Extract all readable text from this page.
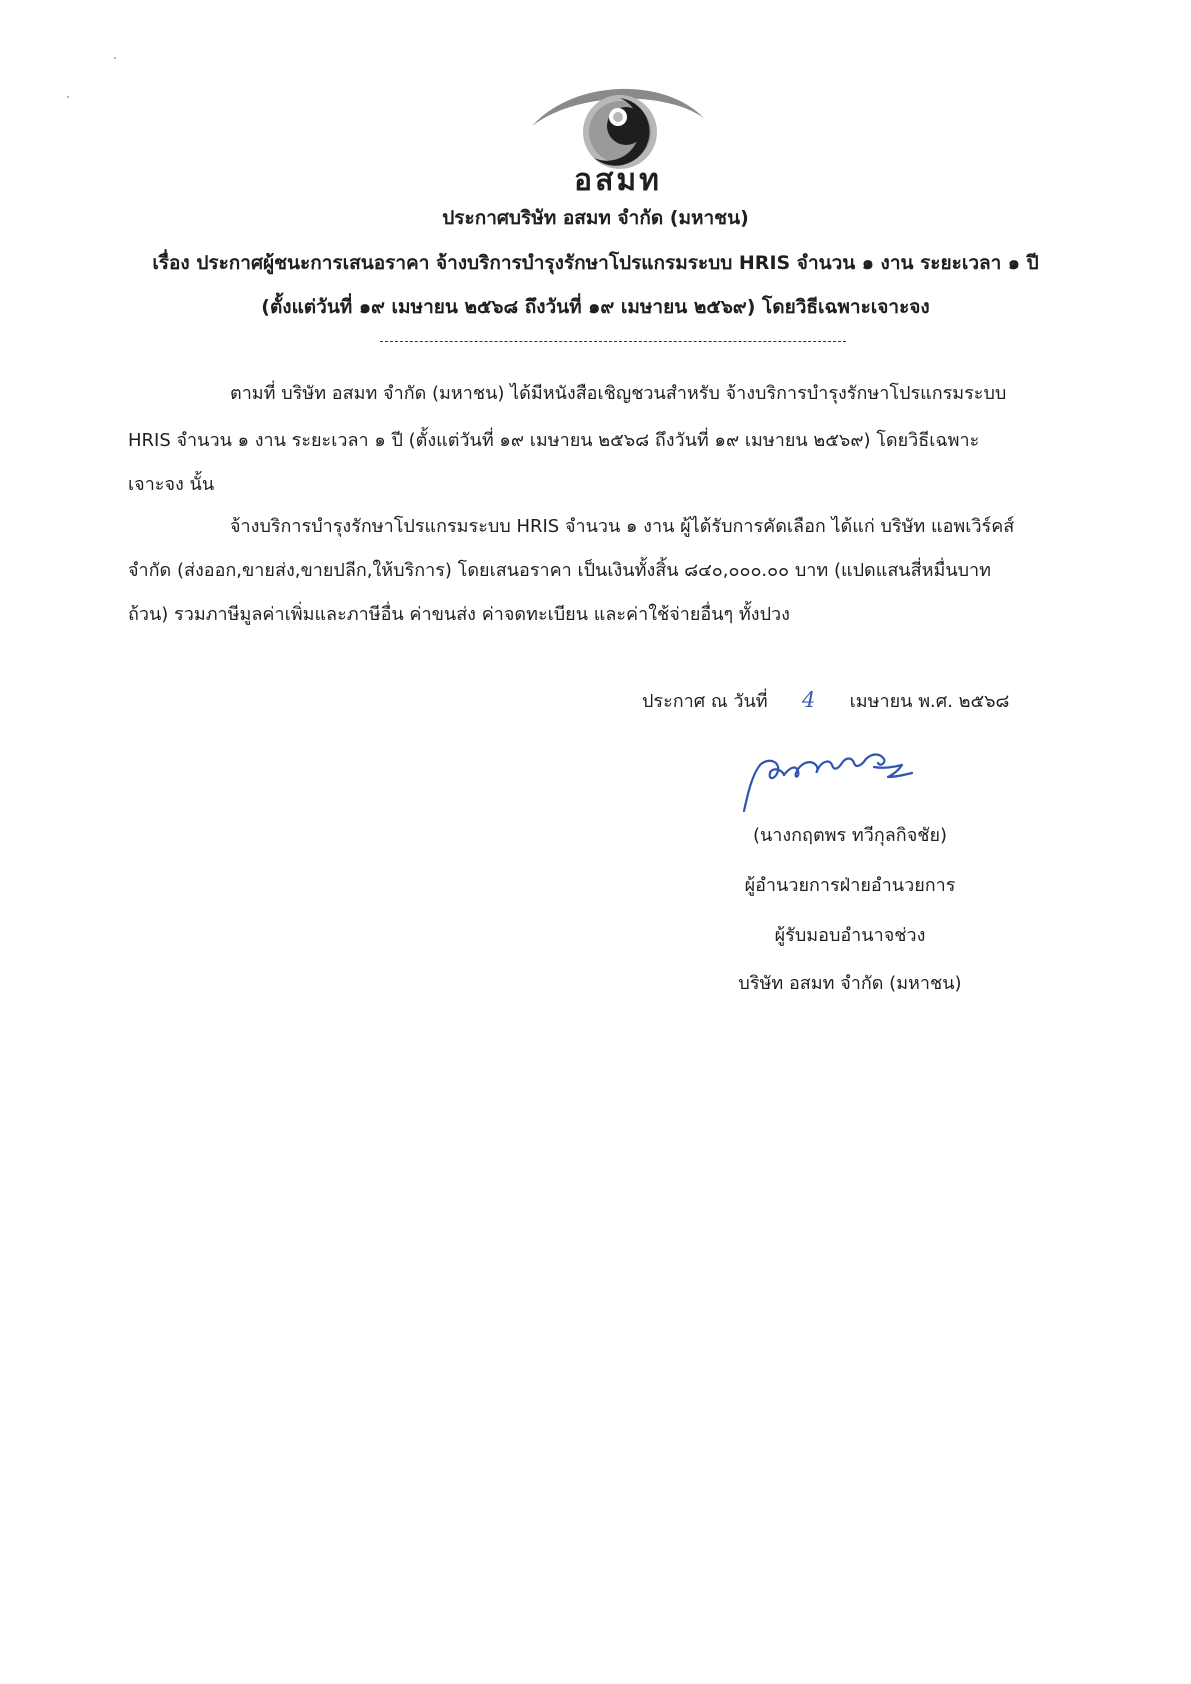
อสมท
ประกาศบริษัท อสมท จำกัด (มหาชน)
เรื่อง ประกาศผู้ชนะการเสนอราคา จ้างบริการบำรุงรักษาโปรแกรมระบบ HRIS จำนวน ๑ งาน ระยะเวลา ๑ ปี
(ตั้งแต่วันที่ ๑๙ เมษายน ๒๕๖๘ ถึงวันที่ ๑๙ เมษายน ๒๕๖๙) โดยวิธีเฉพาะเจาะจง
ตามที่ บริษัท อสมท จำกัด (มหาชน) ได้มีหนังสือเชิญชวนสำหรับ จ้างบริการบำรุงรักษาโปรแกรมระบบ
HRIS จำนวน ๑ งาน ระยะเวลา ๑ ปี (ตั้งแต่วันที่ ๑๙ เมษายน ๒๕๖๘ ถึงวันที่ ๑๙ เมษายน ๒๕๖๙) โดยวิธีเฉพาะ
เจาะจง นั้น
จ้างบริการบำรุงรักษาโปรแกรมระบบ HRIS จำนวน ๑ งาน ผู้ได้รับการคัดเลือก ได้แก่ บริษัท แอพเวิร์คส์
จำกัด (ส่งออก,ขายส่ง,ขายปลีก,ให้บริการ) โดยเสนอราคา เป็นเงินทั้งสิ้น ๘๔๐,๐๐๐.๐๐ บาท (แปดแสนสี่หมื่นบาท
ถ้วน) รวมภาษีมูลค่าเพิ่มและภาษีอื่น ค่าขนส่ง ค่าจดทะเบียน และค่าใช้จ่ายอื่นๆ ทั้งปวง
ประกาศ ณ วันที่ 4 เมษายน พ.ศ. ๒๕๖๘
(นางกฤตพร ทวีกุลกิจชัย)
ผู้อำนวยการฝ่ายอำนวยการ
ผู้รับมอบอำนาจช่วง
บริษัท อสมท จำกัด (มหาชน)
